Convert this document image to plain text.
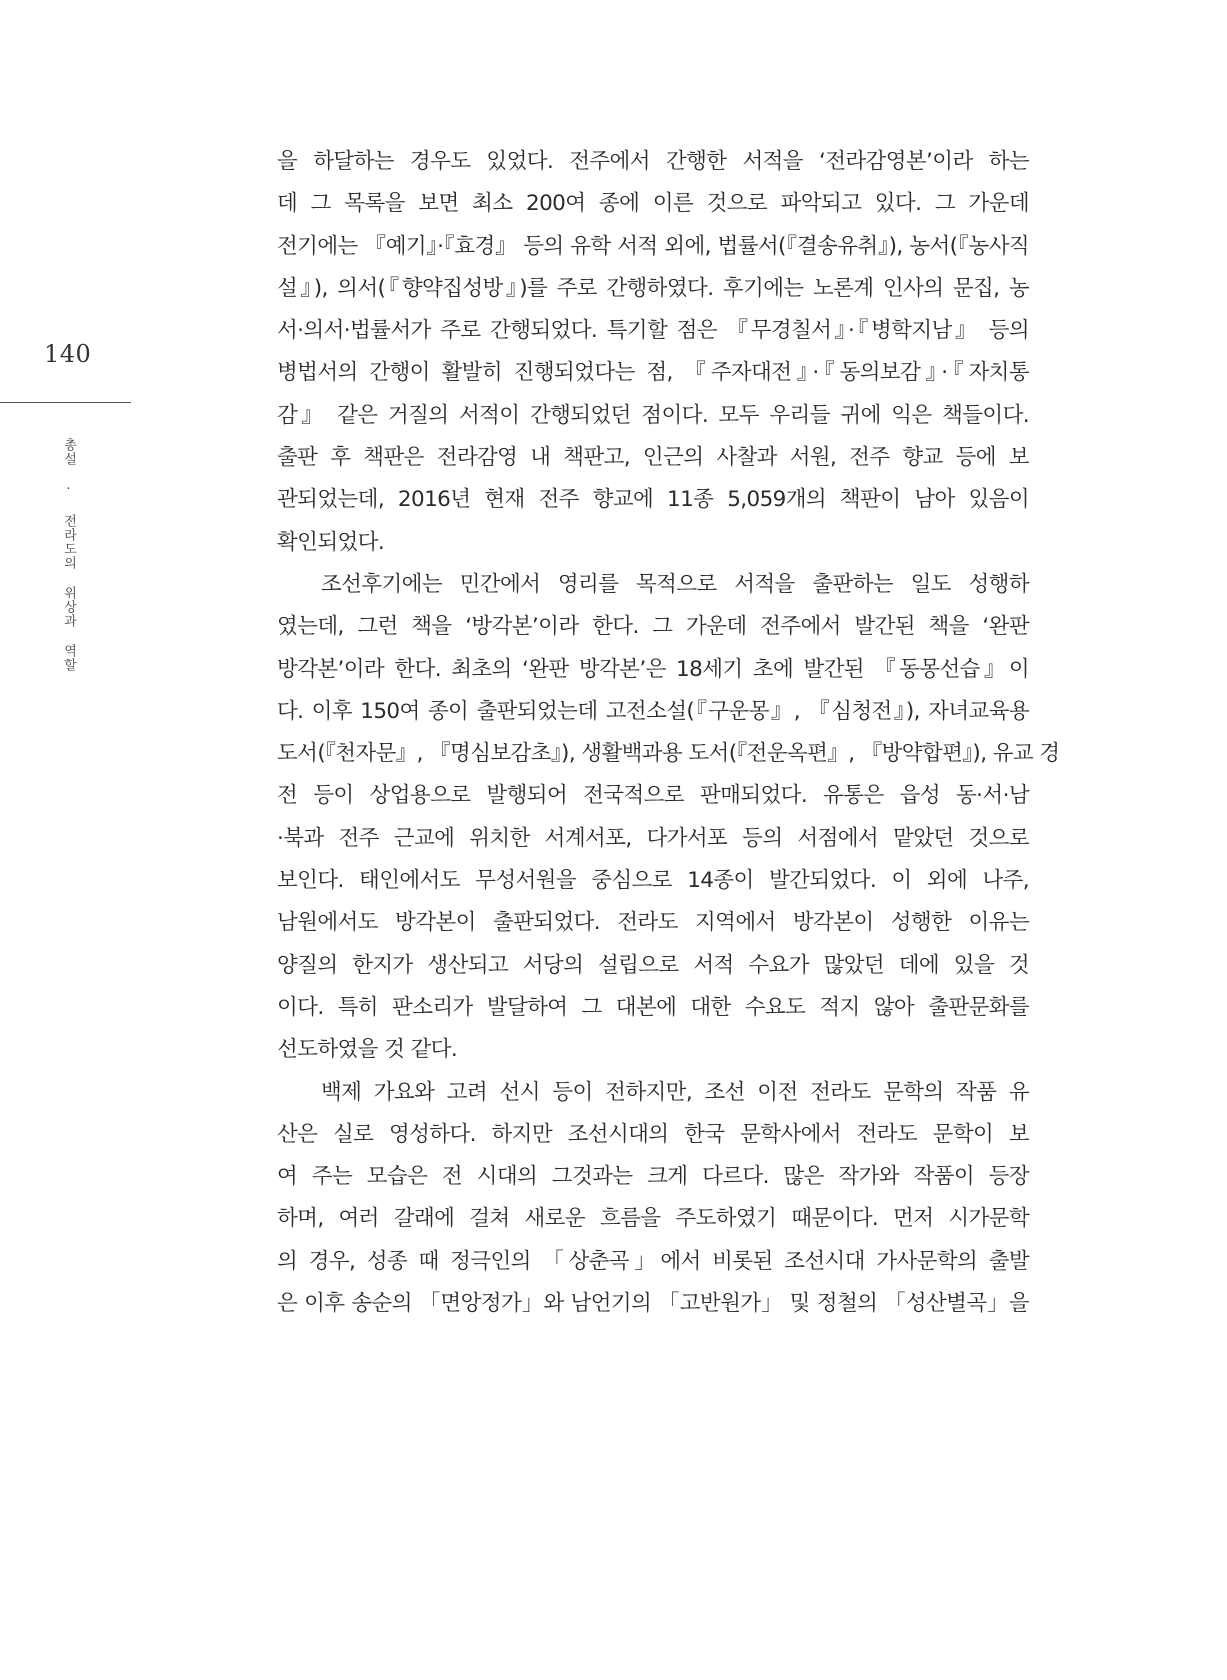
140
총설 · 전라도의 위상과 역할
을 하달하는 경우도 있었다. 전주에서 간행한 서적을 ‘전라감영본’이라 하는
데 그 목록을 보면 최소 200여 종에 이른 것으로 파악되고 있다. 그 가운데
전기에는 『예기』·『효경』 등의 유학 서적 외에, 법률서(『결송유취』), 농서(『농사직
설』), 의서(『향약집성방』)를 주로 간행하였다. 후기에는 노론계 인사의 문집, 농
서·의서·법률서가 주로 간행되었다. 특기할 점은 『무경칠서』·『병학지남』 등의
병법서의 간행이 활발히 진행되었다는 점, 『주자대전』·『동의보감』·『자치통
감』 같은 거질의 서적이 간행되었던 점이다. 모두 우리들 귀에 익은 책들이다.
출판 후 책판은 전라감영 내 책판고, 인근의 사찰과 서원, 전주 향교 등에 보
관되었는데, 2016년 현재 전주 향교에 11종 5,059개의 책판이 남아 있음이
확인되었다.
조선후기에는 민간에서 영리를 목적으로 서적을 출판하는 일도 성행하
였는데, 그런 책을 ‘방각본’이라 한다. 그 가운데 전주에서 발간된 책을 ‘완판
방각본’이라 한다. 최초의 ‘완판 방각본’은 18세기 초에 발간된 『동몽선습』이
다. 이후 150여 종이 출판되었는데 고전소설(『구운몽』, 『심청전』), 자녀교육용
도서(『천자문』, 『명심보감초』), 생활백과용 도서(『전운옥편』, 『방약합편』), 유교 경
전 등이 상업용으로 발행되어 전국적으로 판매되었다. 유통은 읍성 동·서·남
·북과 전주 근교에 위치한 서계서포, 다가서포 등의 서점에서 맡았던 것으로
보인다. 태인에서도 무성서원을 중심으로 14종이 발간되었다. 이 외에 나주,
남원에서도 방각본이 출판되었다. 전라도 지역에서 방각본이 성행한 이유는
양질의 한지가 생산되고 서당의 설립으로 서적 수요가 많았던 데에 있을 것
이다. 특히 판소리가 발달하여 그 대본에 대한 수요도 적지 않아 출판문화를
선도하였을 것 같다.
백제 가요와 고려 선시 등이 전하지만, 조선 이전 전라도 문학의 작품 유
산은 실로 영성하다. 하지만 조선시대의 한국 문학사에서 전라도 문학이 보
여 주는 모습은 전 시대의 그것과는 크게 다르다. 많은 작가와 작품이 등장
하며, 여러 갈래에 걸쳐 새로운 흐름을 주도하였기 때문이다. 먼저 시가문학
의 경우, 성종 때 정극인의 「상춘곡」에서 비롯된 조선시대 가사문학의 출발
은 이후 송순의 「면앙정가」와 남언기의 「고반원가」 및 정철의 「성산별곡」을
